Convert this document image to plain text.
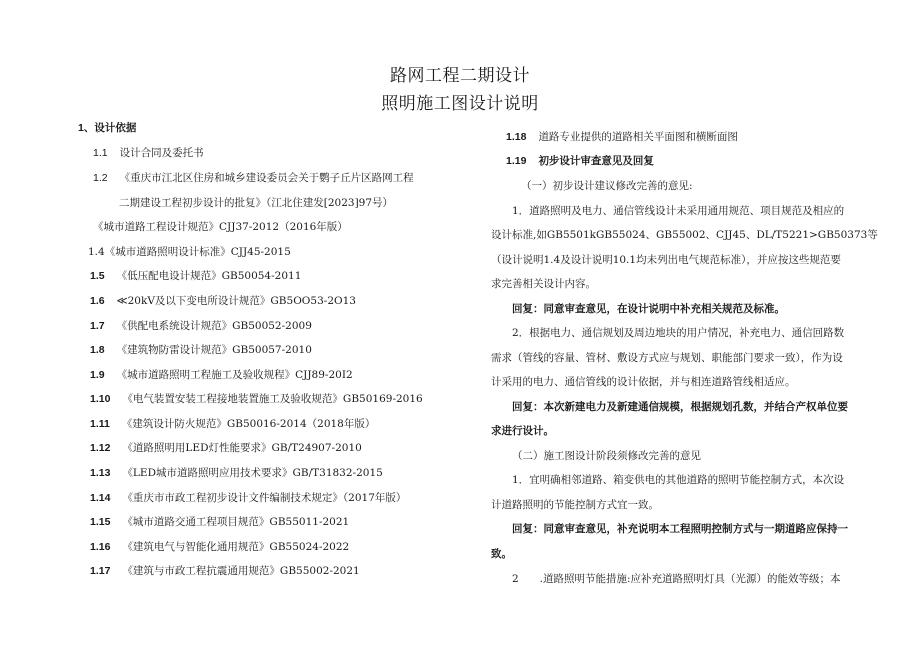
路网工程二期设计
照明施工图设计说明
1、设计依据
1.1 设计合同及委托书
1.2 《重庆市江北区住房和城乡建设委员会关于鹦子丘片区路网工程
二期建设工程初步设计的批复》（江北住建发[2023]97号）
《城市道路工程设计规范》CJJ37-2012（2016年版）
1.4《城市道路照明设计标准》CJJ45-2015
1.5 《低压配电设计规范》GB50054-2011
1.6 ≪20kV及以下变电所设计规范》GB5OO53-2O13
1.7 《供配电系统设计规范》GB50052-2009
1.8 《建筑物防雷设计规范》GB50057-2010
1.9 《城市道路照明工程施工及验收规程》CJJ89-20I2
1.10 《电气装置安装工程接地装置施工及验收规范》GB50169-2016
1.11 《建筑设计防火规范》GB50016-2014（2018年版）
1.12 《道路照明用LED灯性能要求》GB/T24907-2010
1.13 《LED城市道路照明应用技术要求》GB/T31832-2015
1.14 《重庆市市政工程初步设计文件编制技术规定》（2017年版）
1.15 《城市道路交通工程项目规范》GB55011-2021
1.16 《建筑电气与智能化通用规范》GB55024-2022
1.17 《建筑与市政工程抗震通用规范》GB55002-2021
1.18 道路专业提供的道路相关平面图和横断面图
1.19 初步设计审查意见及回复
（一）初步设计建议修改完善的意见:
1．道路照明及电力、通信管线设计未采用通用规范、项目规范及相应的
设计标准,如GB5501kGB55024、GB55002、CJJ45、DL/T5221>GB50373等
（设计说明1.4及设计说明10.1均未列出电气规范标准），并应按这些规范要
求完善相关设计内容。
回复：同意审查意见，在设计说明中补充相关规范及标准。
2．根据电力、通信规划及周边地块的用户情况，补充电力、通信回路数
需求（管线的容量、管材、敷设方式应与规划、职能部门要求一致），作为设
计采用的电力、通信管线的设计依据，并与相连道路管线相适应。
回复：本次新建电力及新建通信规模，根据规划孔数，并结合产权单位要
求进行设计。
（二）施工图设计阶段须修改完善的意见
1．宜明确相邻道路、箱变供电的其他道路的照明节能控制方式，本次设
计道路照明的节能控制方式宜一致。
回复：同意审查意见，补充说明本工程照明控制方式与一期道路应保持一
致。
2　　.道路照明节能措施:应补充道路照明灯具（光源）的能效等级；本
